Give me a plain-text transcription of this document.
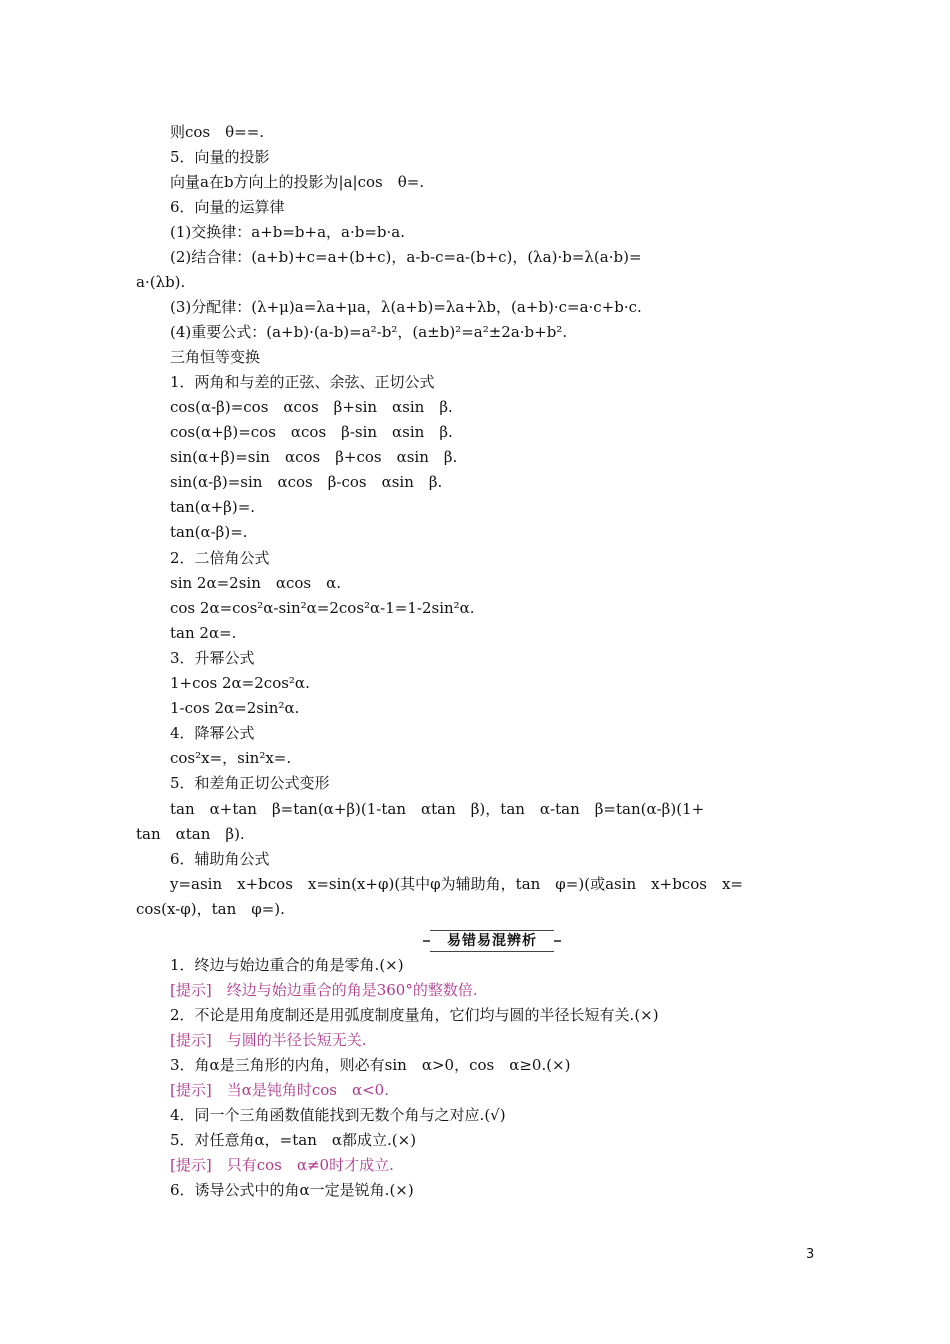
则cos　θ==.
5．向量的投影
向量a在b方向上的投影为|a|cos　θ=.
6．向量的运算律
(1)交换律：a+b=b+a，a·b=b·a.
(2)结合律：(a+b)+c=a+(b+c)，a-b-c=a-(b+c)，(λa)·b=λ(a·b)=
a·(λb).
(3)分配律：(λ+μ)a=λa+μa，λ(a+b)=λa+λb，(a+b)·c=a·c+b·c.
(4)重要公式：(a+b)·(a-b)=a²-b²，(a±b)²=a²±2a·b+b².
三角恒等变换
1．两角和与差的正弦、余弦、正切公式
cos(α-β)=cos　αcos　β+sin　αsin　β.
cos(α+β)=cos　αcos　β-sin　αsin　β.
sin(α+β)=sin　αcos　β+cos　αsin　β.
sin(α-β)=sin　αcos　β-cos　αsin　β.
tan(α+β)=.
tan(α-β)=.
2．二倍角公式
sin 2α=2sin　αcos　α.
cos 2α=cos²α-sin²α=2cos²α-1=1-2sin²α.
tan 2α=.
3．升幂公式
1+cos 2α=2cos²α.
1-cos 2α=2sin²α.
4．降幂公式
cos²x=，sin²x=.
5．和差角正切公式变形
tan　α+tan　β=tan(α+β)(1-tan　αtan　β)，tan　α-tan　β=tan(α-β)(1+
tan　αtan　β).
6．辅助角公式
y=asin　x+bcos　x=sin(x+φ)(其中φ为辅助角，tan　φ=)(或asin　x+bcos　x=
cos(x-φ)，tan　φ=).
易错易混辨析
1．终边与始边重合的角是零角.(×)
[提示]　终边与始边重合的角是360°的整数倍.
2．不论是用角度制还是用弧度制度量角，它们均与圆的半径长短有关.(×)
[提示]　与圆的半径长短无关.
3．角α是三角形的内角，则必有sin　α>0，cos　α≥0.(×)
[提示]　当α是钝角时cos　α<0.
4．同一个三角函数值能找到无数个角与之对应.(√)
5．对任意角α，=tan　α都成立.(×)
[提示]　只有cos　α≠0时才成立.
6．诱导公式中的角α一定是锐角.(×)
3
